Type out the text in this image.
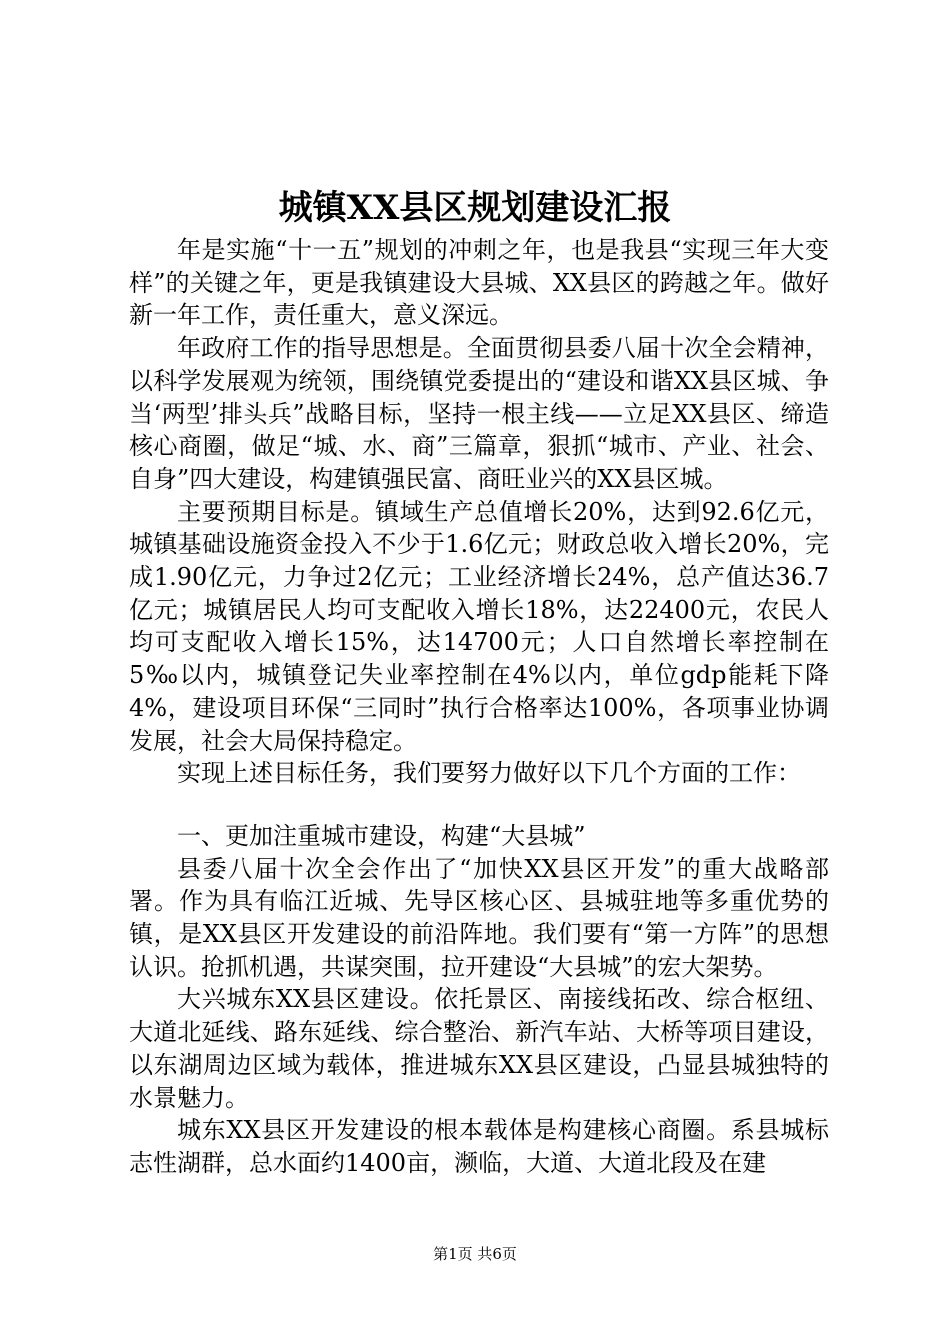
城镇XX县区规划建设汇报

年是实施“十一五”规划的冲刺之年，也是我县“实现三年大变样”的关键之年，更是我镇建设大县城、XX县区的跨越之年。做好新一年工作，责任重大，意义深远。

年政府工作的指导思想是。全面贯彻县委八届十次全会精神，以科学发展观为统领，围绕镇党委提出的“建设和谐XX县区城、争当‘两型’排头兵”战略目标，坚持一根主线——立足XX县区、缔造核心商圈，做足“城、水、商”三篇章，狠抓“城市、产业、社会、自身”四大建设，构建镇强民富、商旺业兴的XX县区城。

主要预期目标是。镇域生产总值增长20%，达到92.6亿元，城镇基础设施资金投入不少于1.6亿元；财政总收入增长20%，完成1.90亿元，力争过2亿元；工业经济增长24%，总产值达36.7亿元；城镇居民人均可支配收入增长18%，达22400元，农民人均可支配收入增长15%，达14700元；人口自然增长率控制在5‰以内，城镇登记失业率控制在4%以内，单位gdp能耗下降4%，建设项目环保“三同时”执行合格率达100%，各项事业协调发展，社会大局保持稳定。

实现上述目标任务，我们要努力做好以下几个方面的工作：

一、更加注重城市建设，构建“大县城”

县委八届十次全会作出了“加快XX县区开发”的重大战略部署。作为具有临江近城、先导区核心区、县城驻地等多重优势的镇，是XX县区开发建设的前沿阵地。我们要有“第一方阵”的思想认识。抢抓机遇，共谋突围，拉开建设“大县城”的宏大架势。

大兴城东XX县区建设。依托景区、南接线拓改、综合枢纽、大道北延线、路东延线、综合整治、新汽车站、大桥等项目建设，以东湖周边区域为载体，推进城东XX县区建设，凸显县城独特的水景魅力。

城东XX县区开发建设的根本载体是构建核心商圈。系县城标志性湖群，总水面约1400亩，濒临，大道、大道北段及在建

第1页 共6页
